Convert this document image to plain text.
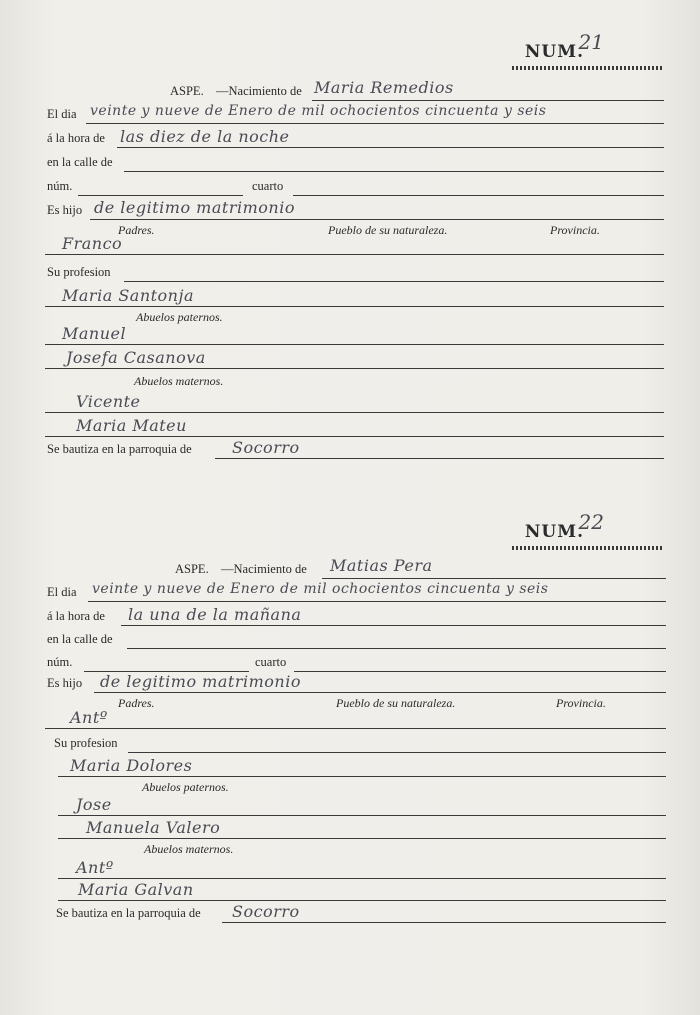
NUM.
21
ASPE. —Nacimiento de Maria Remedios
El dia veinte y nueve de Enero de mil ochocientos cincuenta y seis
á la hora de las diez de la noche
en la calle de
núm.	cuarto
Es hijo de legitimo matrimonio
Padres.	Pueblo de su naturaleza.	Provincia.
Franco
Su profesion
Maria Santonja
Abuelos paternos.
Manuel
Josefa Casanova
Abuelos maternos.
Vicente
Maria Mateu
Se bautiza en la parroquia de	Socorro
NUM.
22
ASPE. —Nacimiento de Matias Pera
El dia veinte y nueve de Enero de mil ochocientos cincuenta y seis
á la hora de la una de la mañana
en la calle de
núm.	cuarto
Es hijo de legitimo matrimonio
Padres.	Pueblo de su naturaleza.	Provincia.
Antº
Su profesion
Maria Dolores
Abuelos paternos.
Jose
Manuela Valero
Abuelos maternos.
Antº
Maria Galvan
Se bautiza en la parroquia de Socorro
